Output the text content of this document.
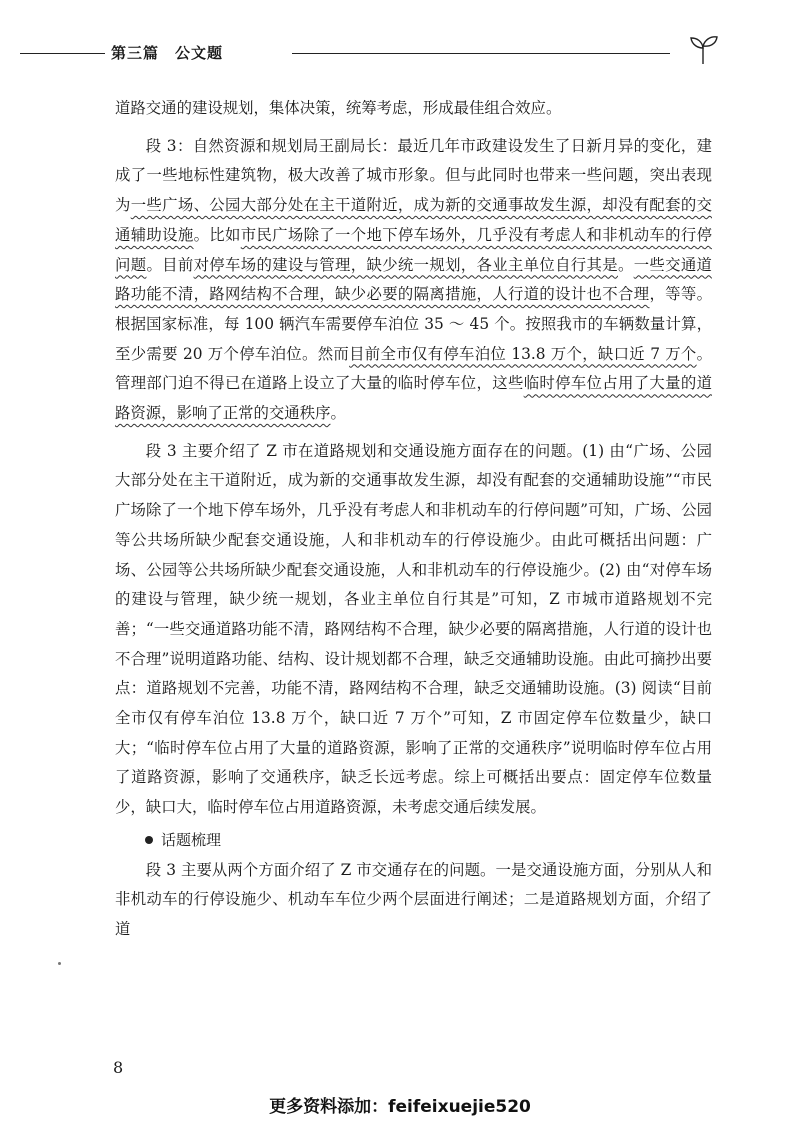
第三篇 公文题

道路交通的建设规划，集体决策，统筹考虑，形成最佳组合效应。

段 3：自然资源和规划局王副局长：最近几年市政建设发生了日新月异的变化，建成了一些地标性建筑物，极大改善了城市形象。但与此同时也带来一些问题，突出表现为一些广场、公园大部分处在主干道附近，成为新的交通事故发生源，却没有配套的交通辅助设施。比如市民广场除了一个地下停车场外，几乎没有考虑人和非机动车的行停问题。目前对停车场的建设与管理，缺少统一规划，各业主单位自行其是。一些交通道路功能不清，路网结构不合理，缺少必要的隔离措施，人行道的设计也不合理，等等。根据国家标准，每 100 辆汽车需要停车泊位 35 ～ 45 个。按照我市的车辆数量计算，至少需要 20 万个停车泊位。然而目前全市仅有停车泊位 13.8 万个，缺口近 7 万个。管理部门迫不得已在道路上设立了大量的临时停车位，这些临时停车位占用了大量的道路资源，影响了正常的交通秩序。

段 3 主要介绍了 Z 市在道路规划和交通设施方面存在的问题。(1) 由“广场、公园大部分处在主干道附近，成为新的交通事故发生源，却没有配套的交通辅助设施”“市民广场除了一个地下停车场外，几乎没有考虑人和非机动车的行停问题”可知，广场、公园等公共场所缺少配套交通设施，人和非机动车的行停设施少。由此可概括出问题：广场、公园等公共场所缺少配套交通设施，人和非机动车的行停设施少。(2) 由“对停车场的建设与管理，缺少统一规划，各业主单位自行其是”可知，Z 市城市道路规划不完善；“一些交通道路功能不清，路网结构不合理，缺少必要的隔离措施，人行道的设计也不合理”说明道路功能、结构、设计规划都不合理，缺乏交通辅助设施。由此可摘抄出要点：道路规划不完善，功能不清，路网结构不合理，缺乏交通辅助设施。(3) 阅读“目前全市仅有停车泊位 13.8 万个，缺口近 7 万个”可知，Z 市固定停车位数量少，缺口大；“临时停车位占用了大量的道路资源，影响了正常的交通秩序”说明临时停车位占用了道路资源，影响了交通秩序，缺乏长远考虑。综上可概括出要点：固定停车位数量少，缺口大，临时停车位占用道路资源，未考虑交通后续发展。

话题梳理

段 3 主要从两个方面介绍了 Z 市交通存在的问题。一是交通设施方面，分别从人和非机动车的行停设施少、机动车车位少两个层面进行阐述；二是道路规划方面，介绍了道

8
更多资料添加：feifeixuejie520
